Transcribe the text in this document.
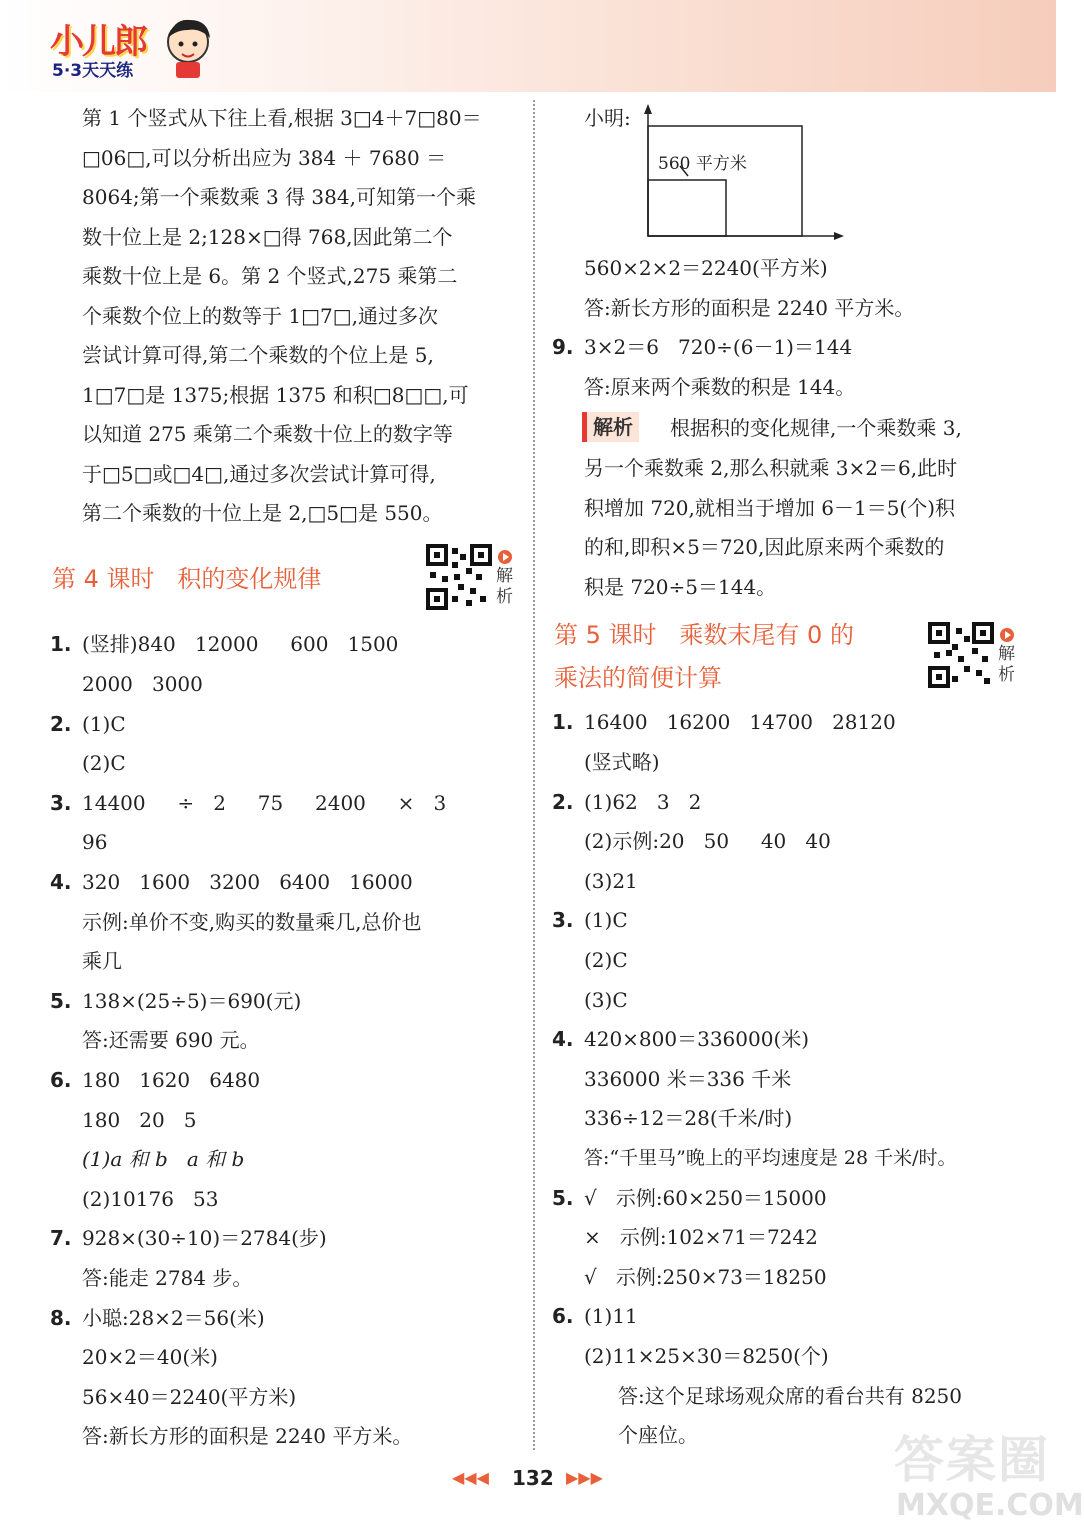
小儿郎
5·3天天练
第 1 个竖式从下往上看,根据 3□4＋7□80＝
□06□,可以分析出应为 384 ＋ 7680 ＝
8064;第一个乘数乘 3 得 384,可知第一个乘
数十位上是 2;128×□得 768,因此第二个
乘数十位上是 6。第 2 个竖式,275 乘第二
个乘数个位上的数等于 1□7□,通过多次
尝试计算可得,第二个乘数的个位上是 5,
1□7□是 1375;根据 1375 和积□8□□,可
以知道 275 乘第二个乘数十位上的数字等
于□5□或□4□,通过多次尝试计算可得,
第二个乘数的十位上是 2,□5□是 550。
第 4 课时   积的变化规律	解析
1. (竖排)840   12000     600   1500
2000   3000
2. (1)C
(2)C
3. 14400     ÷   2     75     2400     ×   3
96
4. 320   1600   3200   6400   16000
示例:单价不变,购买的数量乘几,总价也
乘几
5. 138×(25÷5)＝690(元)
答:还需要 690 元。
6. 180   1620   6480
180   20   5
(1)a 和 b   a 和 b
(2)10176   53
7. 928×(30÷10)＝2784(步)
答:能走 2784 步。
8. 小聪:28×2＝56(米)
20×2＝40(米)
56×40＝2240(平方米)
答:新长方形的面积是 2240 平方米。
小明:
560 平方米
560×2×2＝2240(平方米)
答:新长方形的面积是 2240 平方米。
9. 3×2＝6   720÷(6－1)＝144
答:原来两个乘数的积是 144。
解析	根据积的变化规律,一个乘数乘 3,
另一个乘数乘 2,那么积就乘 3×2＝6,此时
积增加 720,就相当于增加 6－1＝5(个)积
的和,即积×5＝720,因此原来两个乘数的
积是 720÷5＝144。
第 5 课时   乘数末尾有 0 的
乘法的简便计算
解析
1. 16400   16200   14700   28120
(竖式略)
2. (1)62   3   2
(2)示例:20   50     40   40
(3)21
3. (1)C
(2)C
(3)C
4. 420×800＝336000(米)
336000 米＝336 千米
336÷12＝28(千米/时)
答:“千里马”晚上的平均速度是 28 千米/时。
5. √   示例:60×250＝15000
×   示例:102×71＝7242
√   示例:250×73＝18250
6. (1)11
(2)11×25×30＝8250(个)
答:这个足球场观众席的看台共有 8250
个座位。
◀◀◀ 132 ▶▶▶	答案圈
MXQE.COM
